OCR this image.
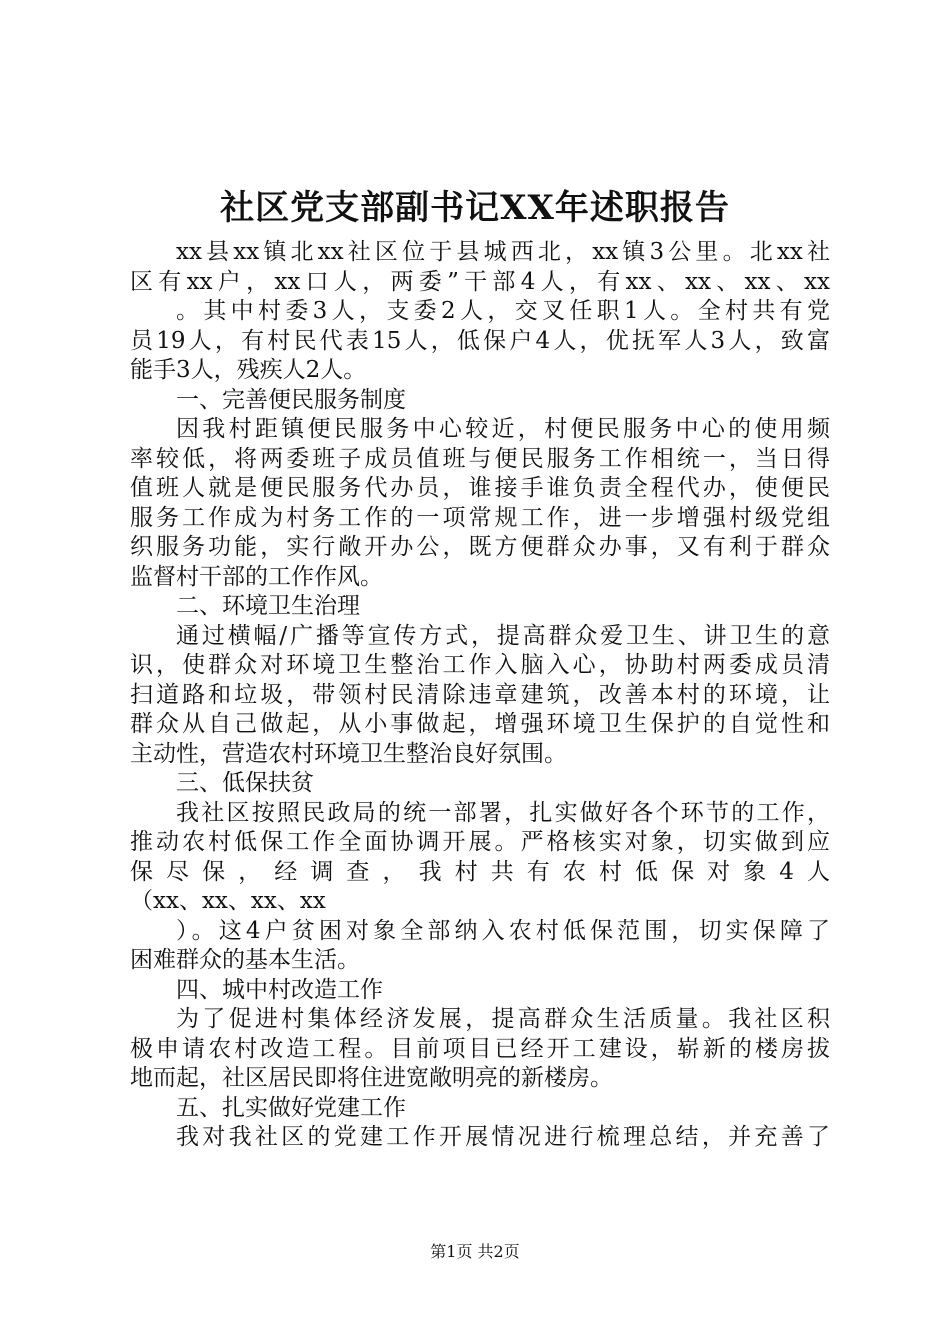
社区党支部副书记XX年述职报告
xx县xx镇北xx社区位于县城西北，xx镇3公里。北xx社
区有xx户，xx口人，两委”干部4人，有xx、xx、xx、xx
。其中村委3人，支委2人，交叉任职1人。全村共有党
员19人，有村民代表15人，低保户4人，优抚军人3人，致富
能手3人，残疾人2人。
一、完善便民服务制度
因我村距镇便民服务中心较近，村便民服务中心的使用频
率较低，将两委班子成员值班与便民服务工作相统一，当日得
值班人就是便民服务代办员，谁接手谁负责全程代办，使便民
服务工作成为村务工作的一项常规工作，进一步增强村级党组
织服务功能，实行敞开办公，既方便群众办事，又有利于群众
监督村干部的工作作风。
二、环境卫生治理
通过横幅/广播等宣传方式，提高群众爱卫生、讲卫生的意
识，使群众对环境卫生整治工作入脑入心，协助村两委成员清
扫道路和垃圾，带领村民清除违章建筑，改善本村的环境，让
群众从自己做起，从小事做起，增强环境卫生保护的自觉性和
主动性，营造农村环境卫生整治良好氛围。
三、低保扶贫
我社区按照民政局的统一部署，扎实做好各个环节的工作，
推动农村低保工作全面协调开展。严格核实对象，切实做到应
保尽保，经调查，我村共有农村低保对象4人
（xx、xx、xx、xx
）。这4户贫困对象全部纳入农村低保范围，切实保障了
困难群众的基本生活。
四、城中村改造工作
为了促进村集体经济发展，提高群众生活质量。我社区积
极申请农村改造工程。目前项目已经开工建设，崭新的楼房拔
地而起，社区居民即将住进宽敞明亮的新楼房。
五、扎实做好党建工作
我对我社区的党建工作开展情况进行梳理总结，并充善了
第1页 共2页
